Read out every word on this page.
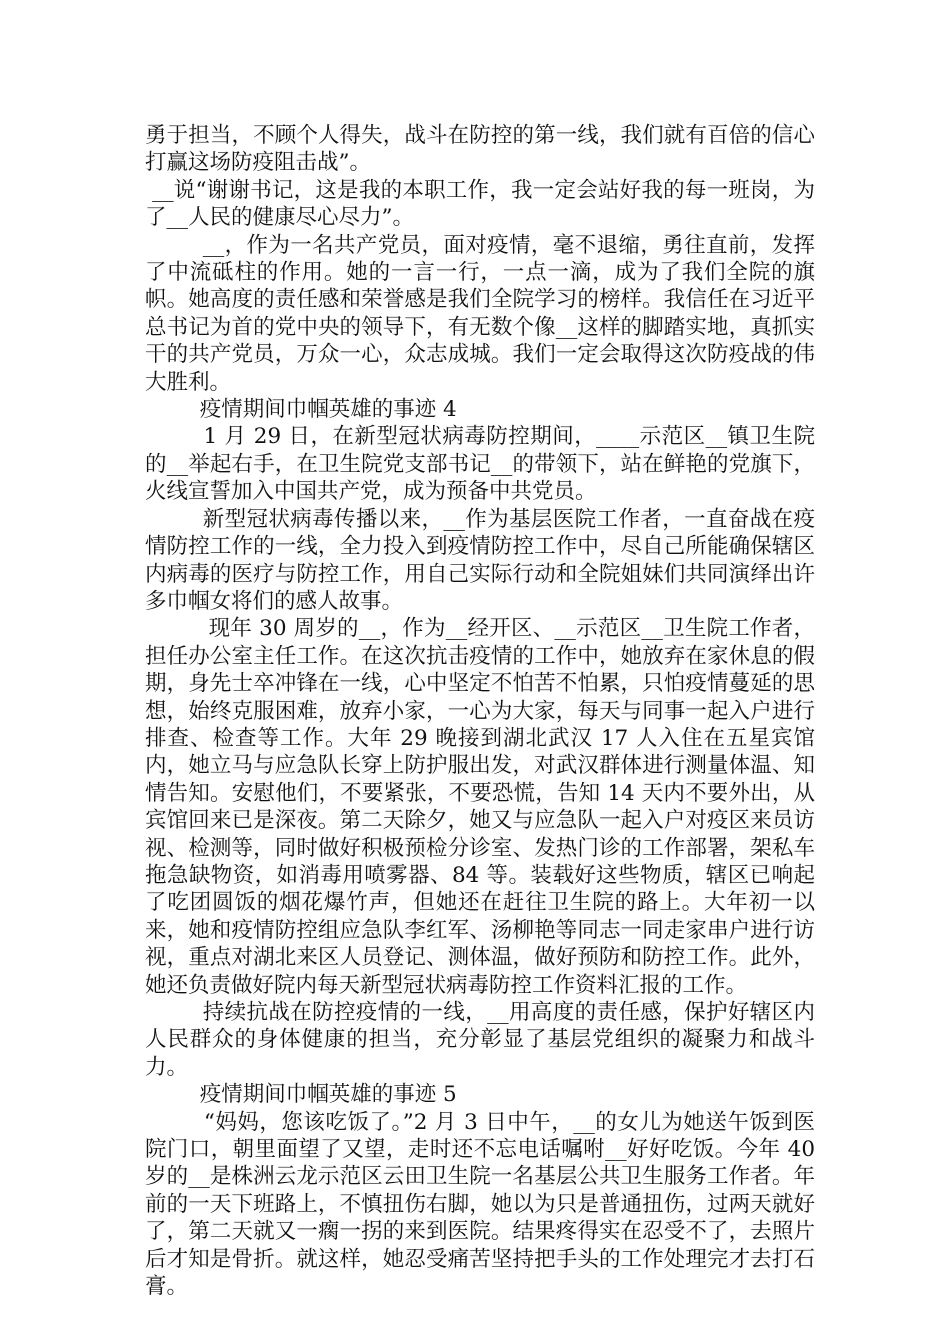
勇于担当，不顾个人得失，战斗在防控的第一线，我们就有百倍的信心打赢这场防疫阻击战”。

__说“谢谢书记，这是我的本职工作，我一定会站好我的每一班岗，为了__人民的健康尽心尽力”。

__，作为一名共产党员，面对疫情，毫不退缩，勇往直前，发挥了中流砥柱的作用。她的一言一行，一点一滴，成为了我们全院的旗帜。她高度的责任感和荣誉感是我们全院学习的榜样。我信任在习近平总书记为首的党中央的领导下，有无数个像__这样的脚踏实地，真抓实干的共产党员，万众一心，众志成城。我们一定会取得这次防疫战的伟大胜利。

疫情期间巾帼英雄的事迹 4

1 月 29 日，在新型冠状病毒防控期间，____示范区__镇卫生院的__举起右手，在卫生院党支部书记__的带领下，站在鲜艳的党旗下，火线宣誓加入中国共产党，成为预备中共党员。

新型冠状病毒传播以来，__作为基层医院工作者，一直奋战在疫情防控工作的一线，全力投入到疫情防控工作中，尽自己所能确保辖区内病毒的医疗与防控工作，用自己实际行动和全院姐妹们共同演绎出许多巾帼女将们的感人故事。

现年 30 周岁的__，作为__经开区、__示范区__卫生院工作者，担任办公室主任工作。在这次抗击疫情的工作中，她放弃在家休息的假期，身先士卒冲锋在一线，心中坚定不怕苦不怕累，只怕疫情蔓延的思想，始终克服困难，放弃小家，一心为大家，每天与同事一起入户进行排查、检查等工作。大年 29 晚接到湖北武汉 17 人入住在五星宾馆内，她立马与应急队长穿上防护服出发，对武汉群体进行测量体温、知情告知。安慰他们，不要紧张，不要恐慌，告知 14 天内不要外出，从宾馆回来已是深夜。第二天除夕，她又与应急队一起入户对疫区来员访视、检测等，同时做好积极预检分诊室、发热门诊的工作部署，架私车拖急缺物资，如消毒用喷雾器、84 等。装载好这些物质，辖区已响起了吃团圆饭的烟花爆竹声，但她还在赶往卫生院的路上。大年初一以来，她和疫情防控组应急队李红军、汤柳艳等同志一同走家串户进行访视，重点对湖北来区人员登记、测体温，做好预防和防控工作。此外，她还负责做好院内每天新型冠状病毒防控工作资料汇报的工作。

持续抗战在防控疫情的一线，__用高度的责任感，保护好辖区内人民群众的身体健康的担当，充分彰显了基层党组织的凝聚力和战斗力。

疫情期间巾帼英雄的事迹 5

“妈妈，您该吃饭了。”2 月 3 日中午，__的女儿为她送午饭到医院门口，朝里面望了又望，走时还不忘电话嘱咐__好好吃饭。今年 40 岁的__是株洲云龙示范区云田卫生院一名基层公共卫生服务工作者。年前的一天下班路上，不慎扭伤右脚，她以为只是普通扭伤，过两天就好了，第二天就又一瘸一拐的来到医院。结果疼得实在忍受不了，去照片后才知是骨折。就这样，她忍受痛苦坚持把手头的工作处理完才去打石膏。
